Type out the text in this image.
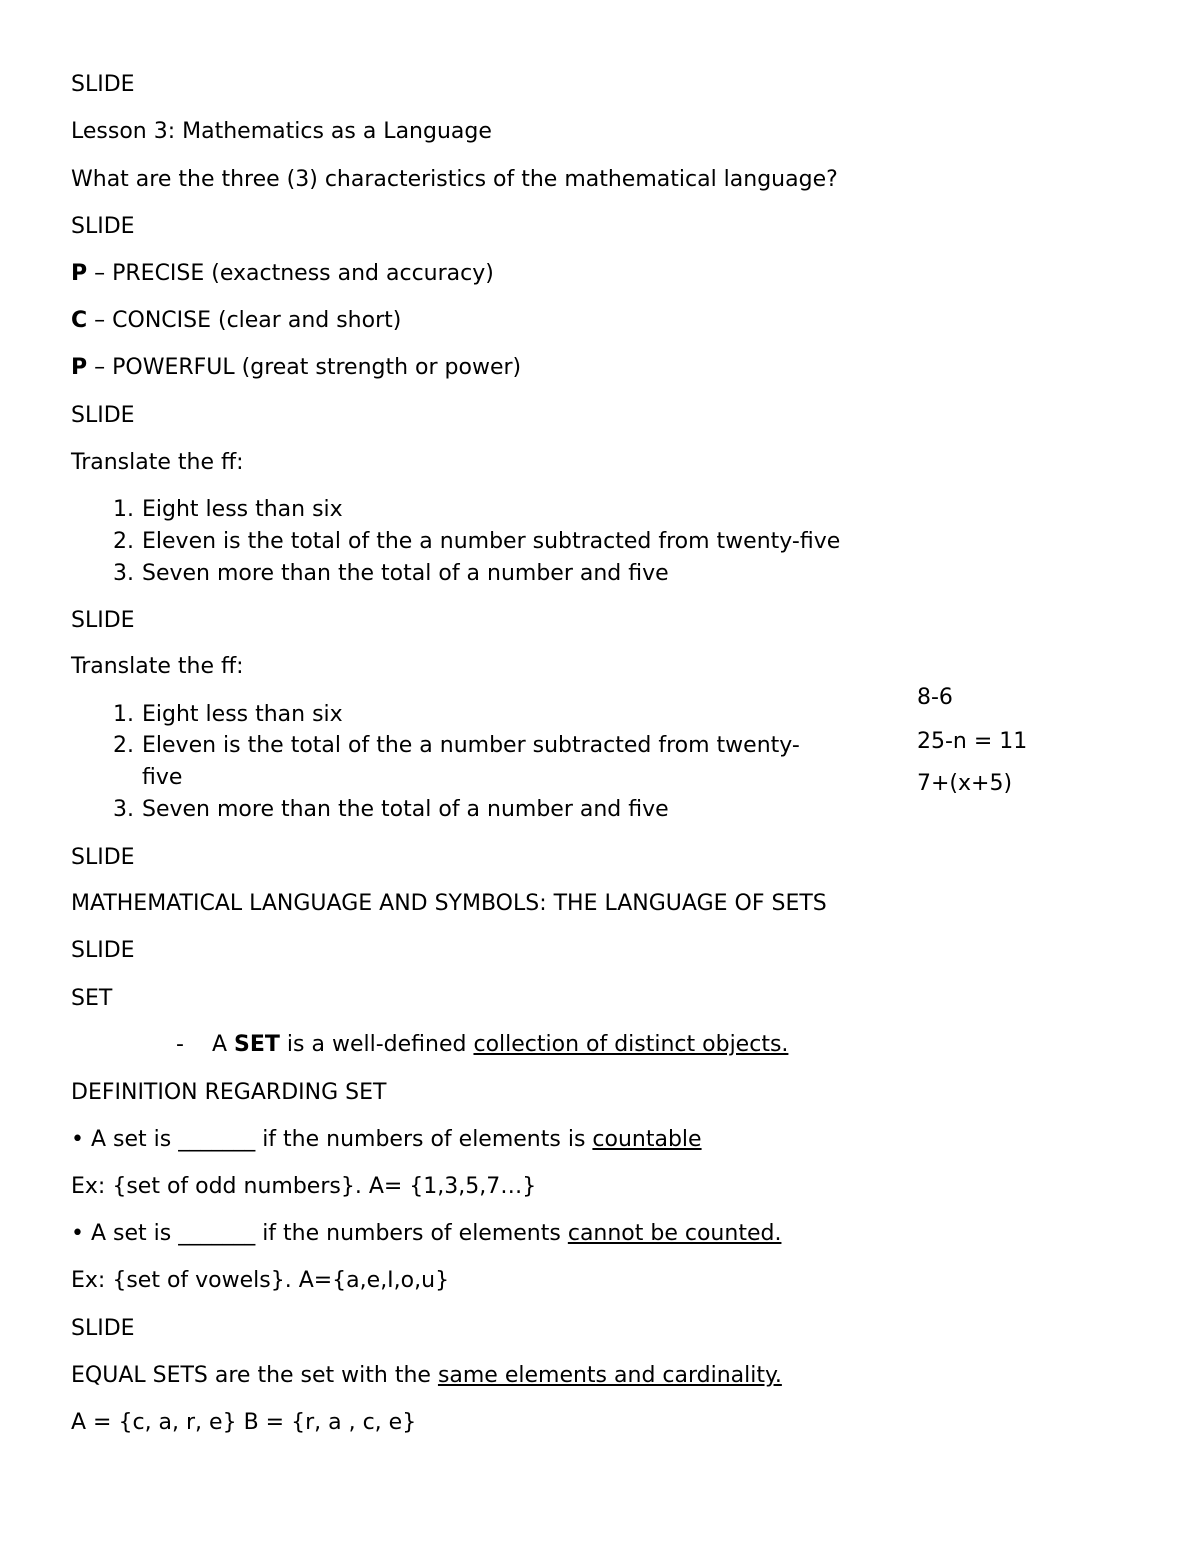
SLIDE
Lesson 3: Mathematics as a Language
What are the three (3) characteristics of the mathematical language?
SLIDE
P – PRECISE (exactness and accuracy)
C – CONCISE (clear and short)
P – POWERFUL (great strength or power)
SLIDE
Translate the ff:
1. Eight less than six
2. Eleven is the total of the a number subtracted from twenty-five
3. Seven more than the total of a number and five
SLIDE
Translate the ff:
1. Eight less than six
2. Eleven is the total of the a number subtracted from twenty-
five
3. Seven more than the total of a number and five
8-6
25-n = 11
7+(x+5)
SLIDE
MATHEMATICAL LANGUAGE AND SYMBOLS: THE LANGUAGE OF SETS
SLIDE
SET
- A SET is a well-defined collection of distinct objects.
DEFINITION REGARDING SET
• A set is _______ if the numbers of elements is countable
Ex: {set of odd numbers}. A= {1,3,5,7…}
• A set is _______ if the numbers of elements cannot be counted.
Ex: {set of vowels}. A={a,e,I,o,u}
SLIDE
EQUAL SETS are the set with the same elements and cardinality.
A = {c, a, r, e} B = {r, a , c, e}
